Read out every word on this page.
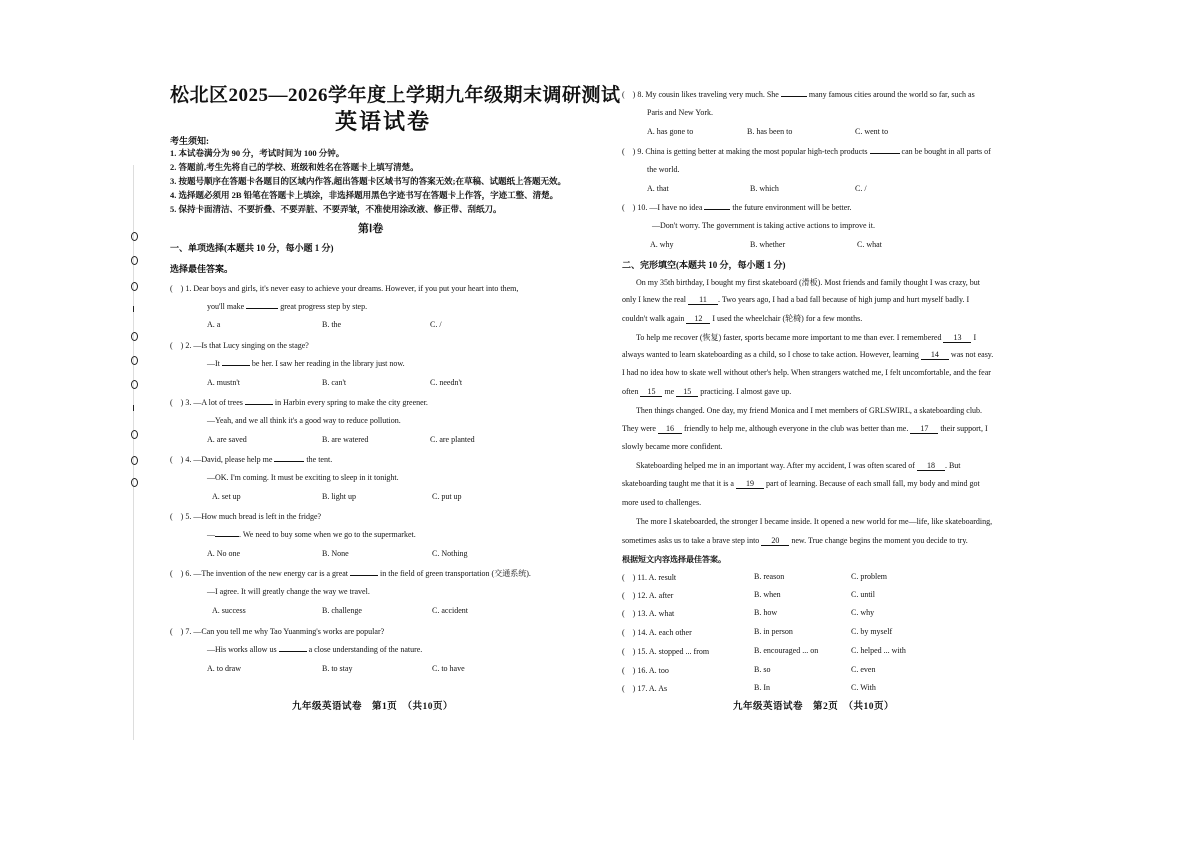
松北区2025—2026学年度上学期九年级期末调研测试
英语试卷
考生须知:
1. 本试卷满分为 90 分，考试时间为 100 分钟。
2. 答题前,考生先将自己的学校、班级和姓名在答题卡上填写清楚。
3. 按题号顺序在答题卡各题目的区域内作答,超出答题卡区域书写的答案无效;在草稿、试题纸上答题无效。
4. 选择题必须用 2B 铅笔在答题卡上填涂，非选择题用黑色字迹书写在答题卡上作答，字迹工整、清楚。
5. 保持卡面清洁、不要折叠、不要弄脏、不要弄皱，不准使用涂改液、修正带、刮纸刀。
第Ⅰ卷
一、单项选择(本题共 10 分，每小题 1 分)
选择最佳答案。
(　) 1. Dear boys and girls, it's never easy to achieve your dreams. However, if you put your heart into them,
you'll make	great progress step by step.
A. a	B. the	C. /
(　) 2. —Is that Lucy singing on the stage?
—It	be her. I saw her reading in the library just now.
A. mustn't	B. can't	C. needn't
(　) 3. —A lot of trees	in Harbin every spring to make the city greener.
—Yeah, and we all think it's a good way to reduce pollution.
A. are saved	B. are watered	C. are planted
(　) 4. —David, please help me	the tent.
—OK. I'm coming. It must be exciting to sleep in it tonight.
A. set up	B. light up	C. put up
(　) 5. —How much bread is left in the fridge?
—	. We need to buy some when we go to the supermarket.
A. No one	B. None	C. Nothing
(　) 6. —The invention of the new energy car is a great	in the field of green transportation (交通系统).
—I agree. It will greatly change the way we travel.
A. success	B. challenge	C. accident
(　) 7. —Can you tell me why Tao Yuanming's works are popular?
—His works allow us	a close understanding of the nature.
A. to draw	B. to stay	C. to have
九年级英语试卷　第1页　（共10页）
(　) 8. My cousin likes traveling very much. She	many famous cities around the world so far, such as
Paris and New York.
A. has gone to	B. has been to	C. went to
(　) 9. China is getting better at making the most popular high-tech products	can be bought in all parts of
the world.
A. that	B. which	C. /
(　) 10. —I have no idea	the future environment will be better.
—Don't worry. The government is taking active actions to improve it.
A. why	B. whether	C. what
二、完形填空(本题共 10 分，每小题 1 分)
On my 35th birthday, I bought my first skateboard (滑板). Most friends and family thought I was crazy, but
only I knew the real 11 . Two years ago, I had a bad fall because of high jump and hurt myself badly. I
couldn't walk again 12 I used the wheelchair (轮椅) for a few months.
To help me recover (恢复) faster, sports became more important to me than ever. I remembered 13 I
always wanted to learn skateboarding as a child, so I chose to take action. However, learning 14 was not easy.
I had no idea how to skate well without other's help. When strangers watched me, I felt uncomfortable, and the fear
often 15 me 15 practicing. I almost gave up.
Then things changed. One day, my friend Monica and I met members of GRLSWIRL, a skateboarding club.
They were 16 friendly to help me, although everyone in the club was better than me. 17 their support, I
slowly became more confident.
Skateboarding helped me in an important way. After my accident, I was often scared of 18 . But
skateboarding taught me that it is a 19 part of learning. Because of each small fall, my body and mind got
more used to challenges.
The more I skateboarded, the stronger I became inside. It opened a new world for me—life, like skateboarding,
sometimes asks us to take a brave step into 20 new. True change begins the moment you decide to try.
根据短文内容选择最佳答案。
(　) 11. A. result	B. reason	C. problem
(　) 12. A. after	B. when	C. until
(　) 13. A. what	B. how	C. why
(　) 14. A. each other	B. in person	C. by myself
(　) 15. A. stopped ... from	B. encouraged ... on	C. helped ... with
(　) 16. A. too	B. so	C. even
(　) 17. A. As	B. In	C. With
九年级英语试卷　第2页　（共10页）
